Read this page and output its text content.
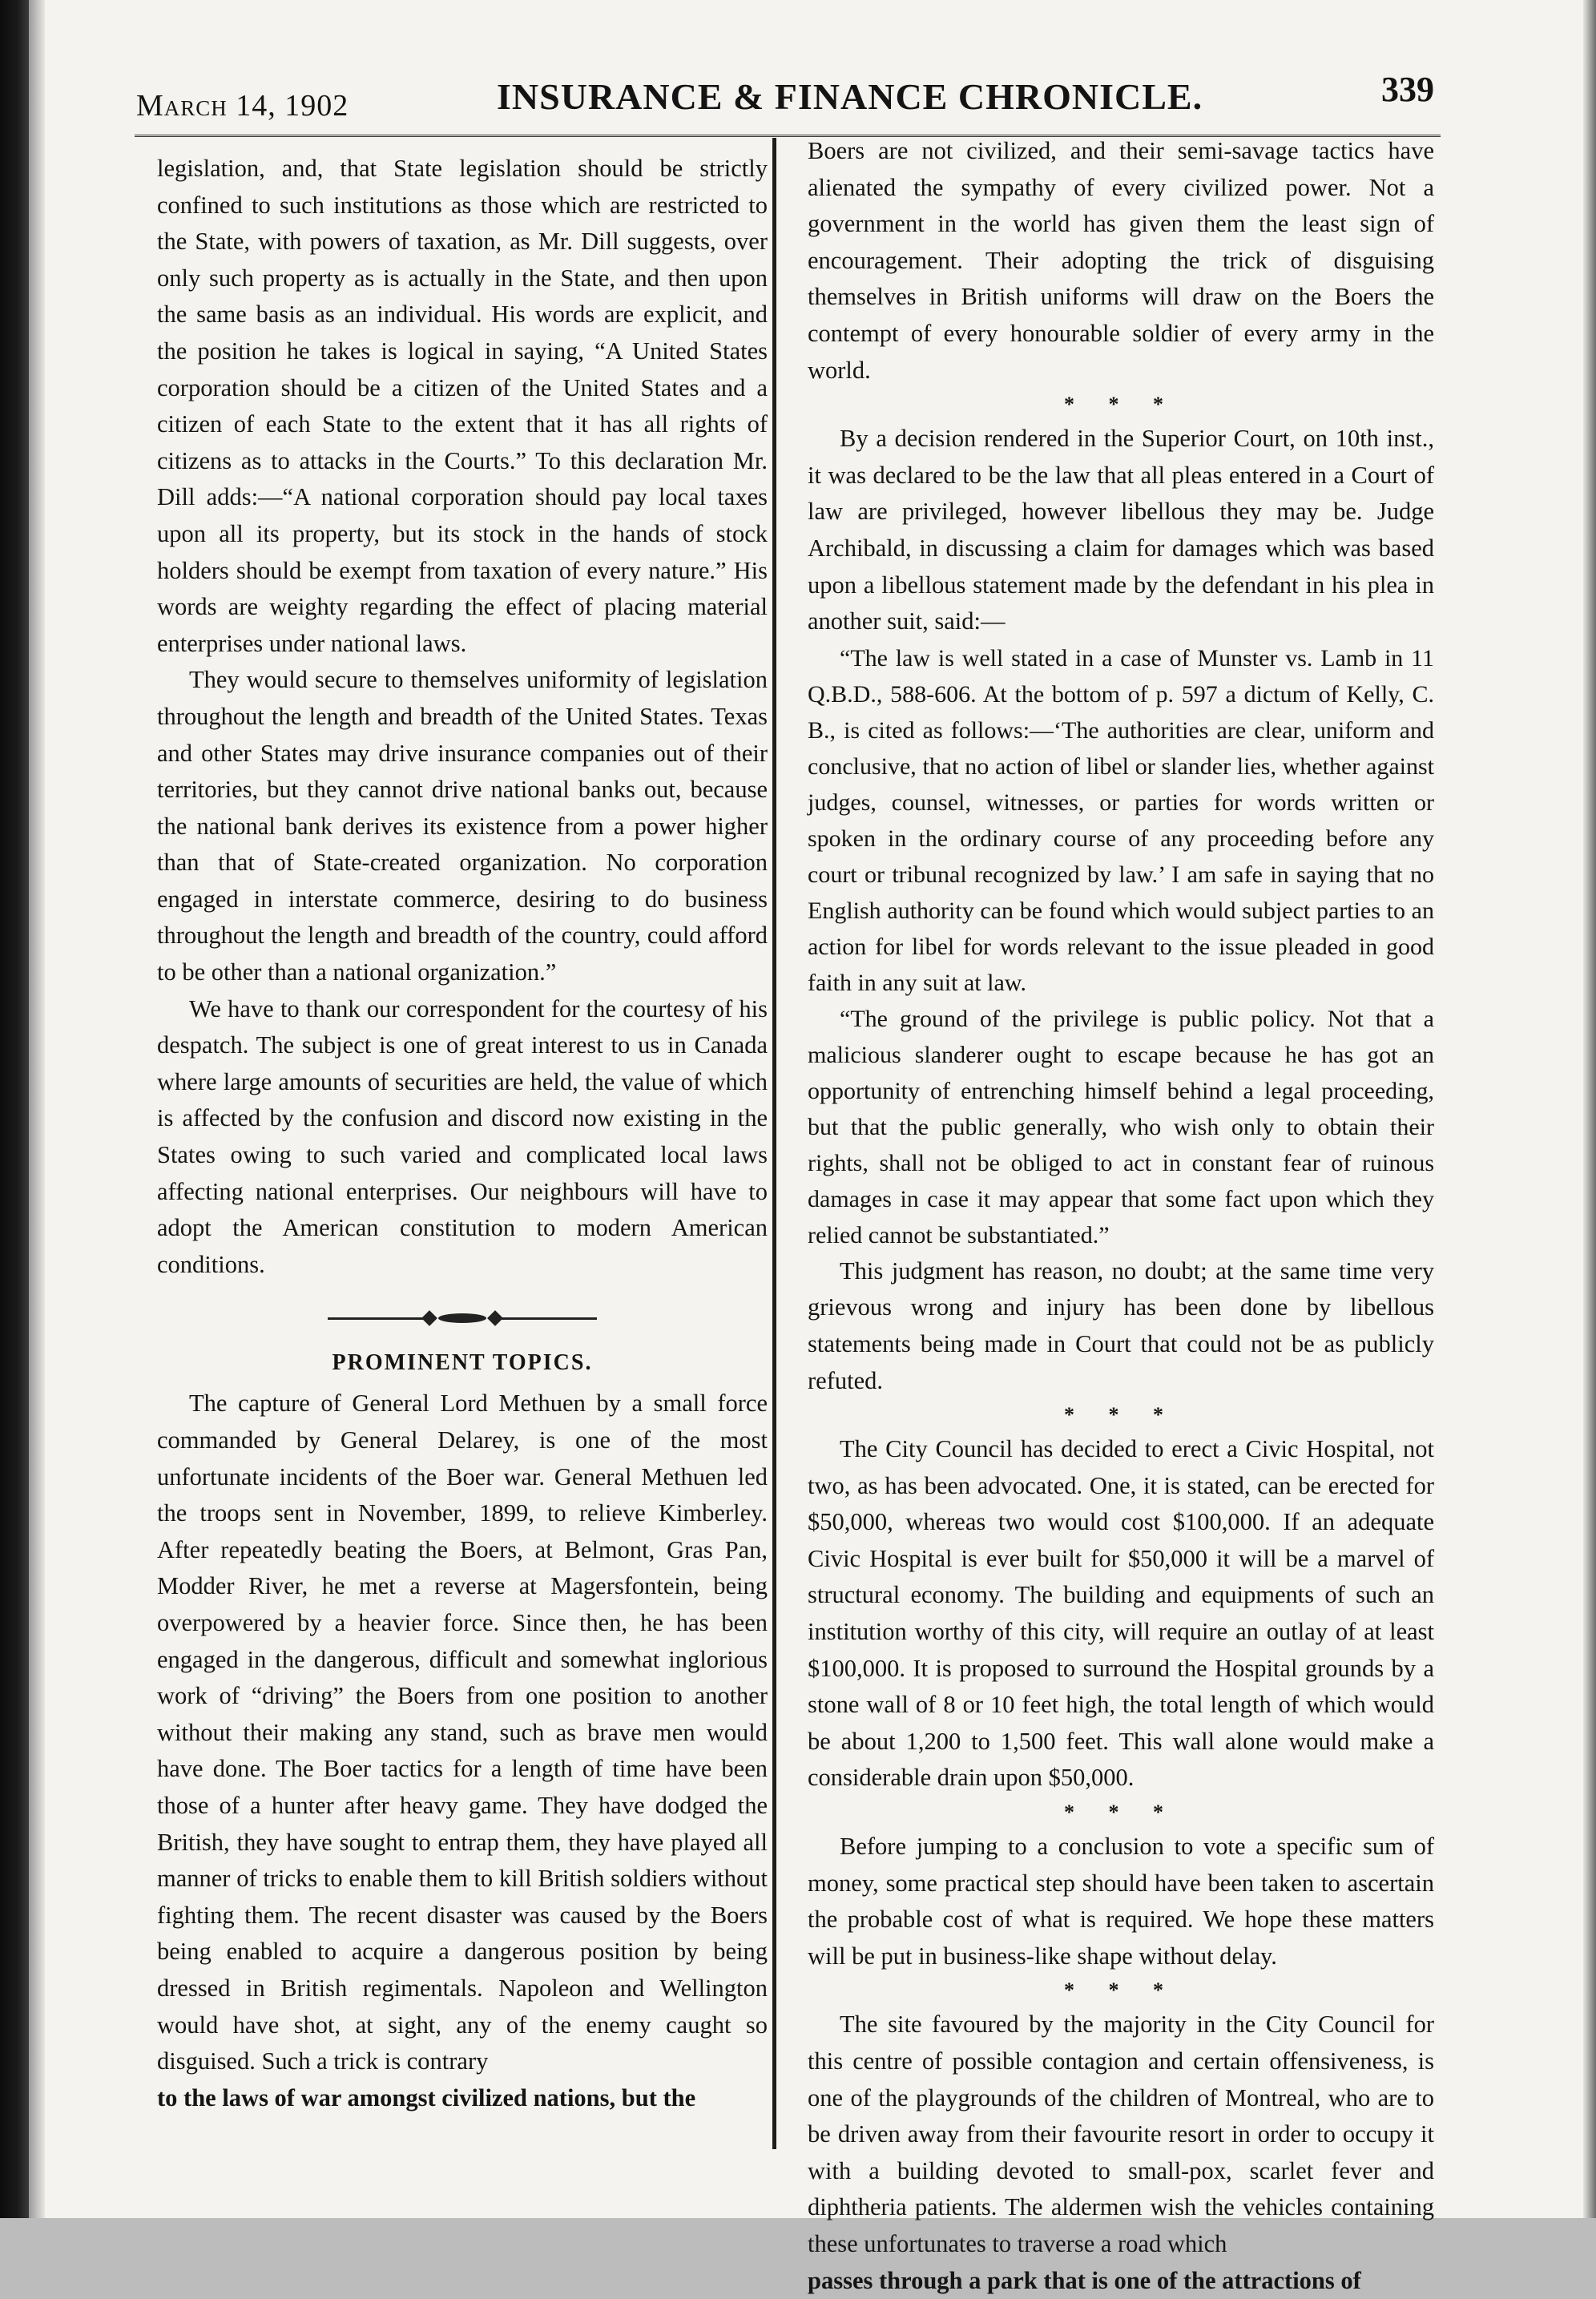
March 14, 1902	INSURANCE & FINANCE CHRONICLE.	339

legislation, and, that State legislation should be strictly confined to such institutions as those which are restricted to the State, with powers of taxation, as Mr. Dill suggests, over only such property as is actually in the State, and then upon the same basis as an individual. His words are explicit, and the position he takes is logical in saying, “A United States corporation should be a citizen of the United States and a citizen of each State to the extent that it has all rights of citizens as to attacks in the Courts.” To this declaration Mr. Dill adds:—“A national corporation should pay local taxes upon all its property, but its stock in the hands of stock holders should be exempt from taxation of every nature.” His words are weighty regarding the effect of placing material enterprises under national laws.

They would secure to themselves uniformity of legislation throughout the length and breadth of the United States. Texas and other States may drive insurance companies out of their territories, but they cannot drive national banks out, because the national bank derives its existence from a power higher than that of State-created organization. No corporation engaged in interstate commerce, desiring to do business throughout the length and breadth of the country, could afford to be other than a national organization.”

We have to thank our correspondent for the courtesy of his despatch. The subject is one of great interest to us in Canada where large amounts of securities are held, the value of which is affected by the confusion and discord now existing in the States owing to such varied and complicated local laws affecting national enterprises. Our neighbours will have to adopt the American constitution to modern American conditions.

PROMINENT TOPICS.

The capture of General Lord Methuen by a small force commanded by General Delarey, is one of the most unfortunate incidents of the Boer war. General Methuen led the troops sent in November, 1899, to relieve Kimberley. After repeatedly beating the Boers, at Belmont, Gras Pan, Modder River, he met a reverse at Magersfontein, being overpowered by a heavier force. Since then, he has been engaged in the dangerous, difficult and somewhat inglorious work of “driving” the Boers from one position to another without their making any stand, such as brave men would have done. The Boer tactics for a length of time have been those of a hunter after heavy game. They have dodged the British, they have sought to entrap them, they have played all manner of tricks to enable them to kill British soldiers without fighting them. The recent disaster was caused by the Boers being enabled to acquire a dangerous position by being dressed in British regimentals. Napoleon and Wellington would have shot, at sight, any of the enemy caught so disguised. Such a trick is contrary

to the laws of war amongst civilized nations, but the

Boers are not civilized, and their semi-savage tactics have alienated the sympathy of every civilized power. Not a government in the world has given them the least sign of encouragement. Their adopting the trick of disguising themselves in British uniforms will draw on the Boers the contempt of every honourable soldier of every army in the world.

* * *

By a decision rendered in the Superior Court, on 10th inst., it was declared to be the law that all pleas entered in a Court of law are privileged, however libellous they may be. Judge Archibald, in discussing a claim for damages which was based upon a libellous statement made by the defendant in his plea in another suit, said:—

“The law is well stated in a case of Munster vs. Lamb in 11 Q.B.D., 588-606. At the bottom of p. 597 a dictum of Kelly, C. B., is cited as follows:—‘The authorities are clear, uniform and conclusive, that no action of libel or slander lies, whether against judges, counsel, witnesses, or parties for words written or spoken in the ordinary course of any proceeding before any court or tribunal recognized by law.’ I am safe in saying that no English authority can be found which would subject parties to an action for libel for words relevant to the issue pleaded in good faith in any suit at law.

“The ground of the privilege is public policy. Not that a malicious slanderer ought to escape because he has got an opportunity of entrenching himself behind a legal proceeding, but that the public generally, who wish only to obtain their rights, shall not be obliged to act in constant fear of ruinous damages in case it may appear that some fact upon which they relied cannot be substantiated.”

This judgment has reason, no doubt; at the same time very grievous wrong and injury has been done by libellous statements being made in Court that could not be as publicly refuted.

* * *

The City Council has decided to erect a Civic Hospital, not two, as has been advocated. One, it is stated, can be erected for $50,000, whereas two would cost $100,000. If an adequate Civic Hospital is ever built for $50,000 it will be a marvel of structural economy. The building and equipments of such an institution worthy of this city, will require an outlay of at least $100,000. It is proposed to surround the Hospital grounds by a stone wall of 8 or 10 feet high, the total length of which would be about 1,200 to 1,500 feet. This wall alone would make a considerable drain upon $50,000.

* * *

Before jumping to a conclusion to vote a specific sum of money, some practical step should have been taken to ascertain the probable cost of what is required. We hope these matters will be put in business-like shape without delay.

* * *

The site favoured by the majority in the City Council for this centre of possible contagion and certain offensiveness, is one of the playgrounds of the children of Montreal, who are to be driven away from their favourite resort in order to occupy it with a building devoted to small-pox, scarlet fever and diphtheria patients. The aldermen wish the vehicles containing these unfortunates to traverse a road which

passes through a park that is one of the attractions of
